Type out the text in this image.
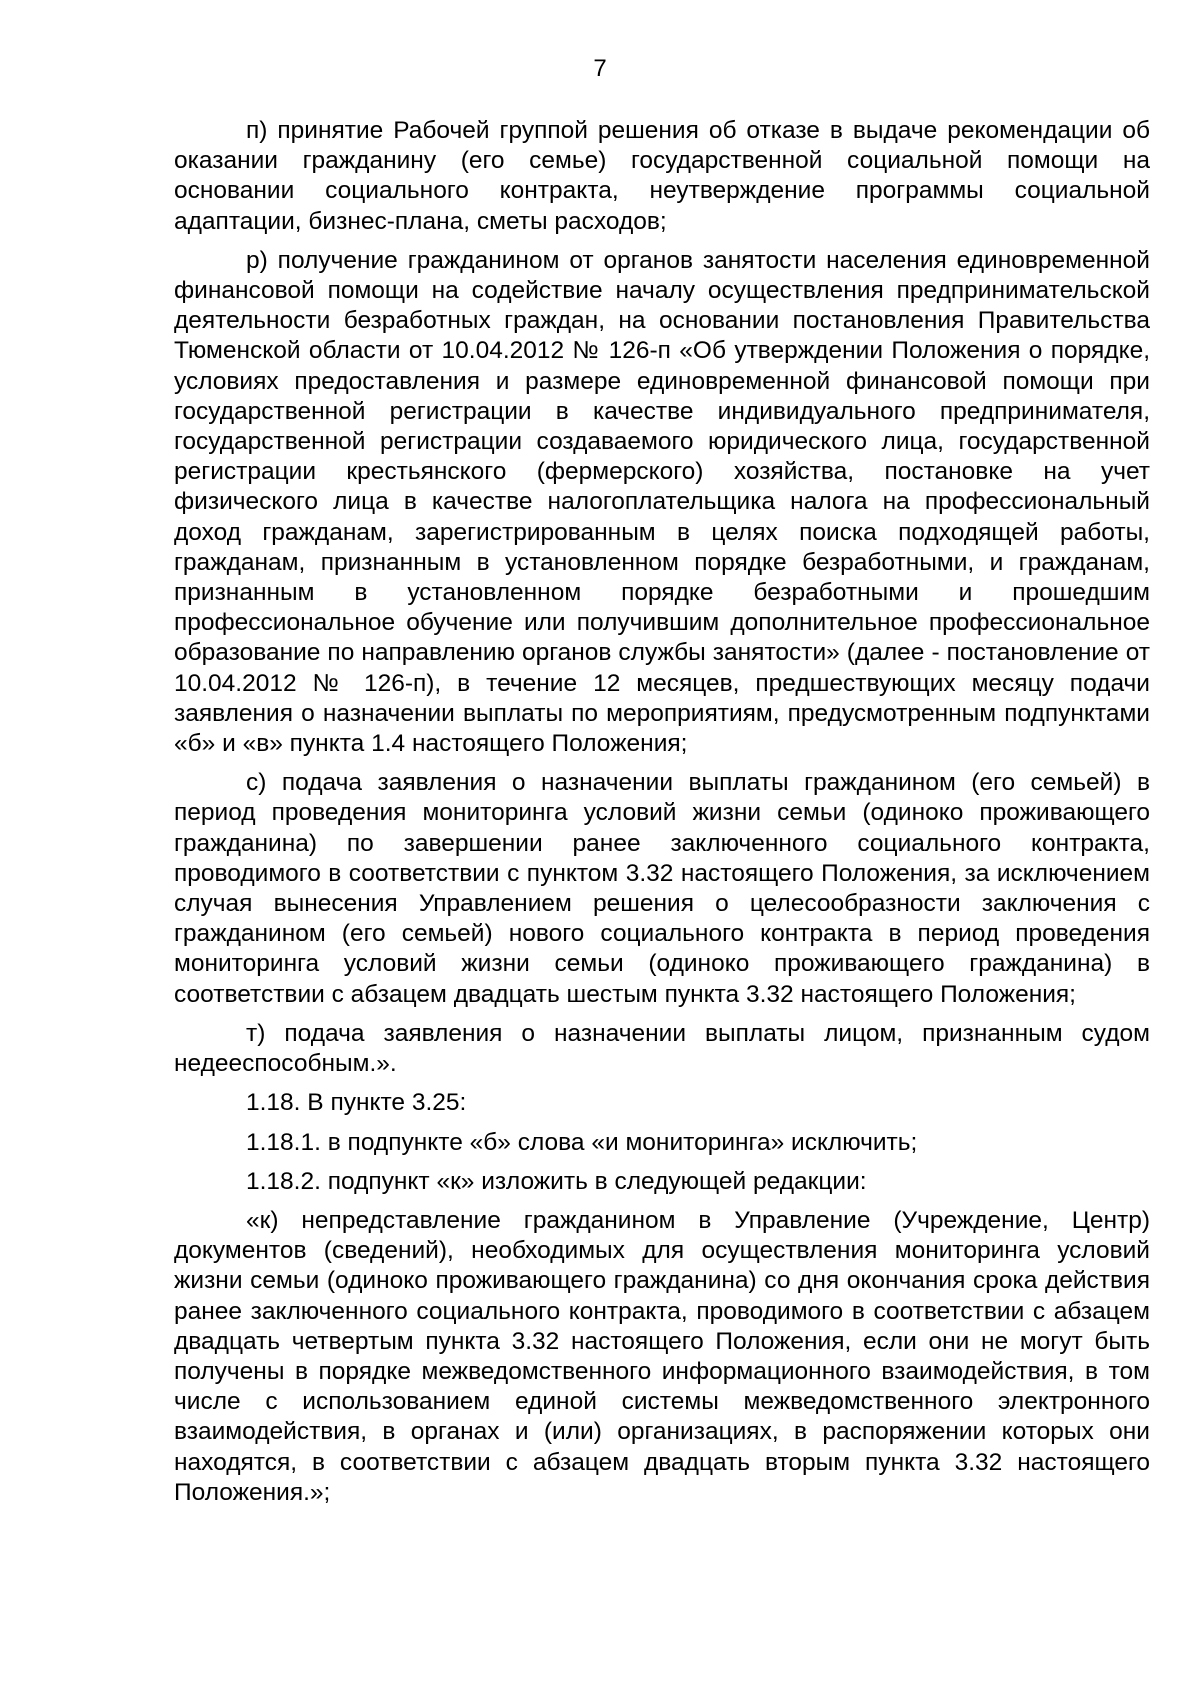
7

п) принятие Рабочей группой решения об отказе в выдаче рекомендации об оказании гражданину (его семье) государственной социальной помощи на основании социального контракта, неутверждение программы социальной адаптации, бизнес-плана, сметы расходов;

р) получение гражданином от органов занятости населения единовременной финансовой помощи на содействие началу осуществления предпринимательской деятельности безработных граждан, на основании постановления Правительства Тюменской области от 10.04.2012 № 126-п «Об утверждении Положения о порядке, условиях предоставления и размере единовременной финансовой помощи при государственной регистрации в качестве индивидуального предпринимателя, государственной регистрации создаваемого юридического лица, государственной регистрации крестьянского (фермерского) хозяйства, постановке на учет физического лица в качестве налогоплательщика налога на профессиональный доход гражданам, зарегистрированным в целях поиска подходящей работы, гражданам, признанным в установленном порядке безработными, и гражданам, признанным в установленном порядке безработными и прошедшим профессиональное обучение или получившим дополнительное профессиональное образование по направлению органов службы занятости» (далее - постановление от 10.04.2012 № 126-п), в течение 12 месяцев, предшествующих месяцу подачи заявления о назначении выплаты по мероприятиям, предусмотренным подпунктами «б» и «в» пункта 1.4 настоящего Положения;

с) подача заявления о назначении выплаты гражданином (его семьей) в период проведения мониторинга условий жизни семьи (одиноко проживающего гражданина) по завершении ранее заключенного социального контракта, проводимого в соответствии с пунктом 3.32 настоящего Положения, за исключением случая вынесения Управлением решения о целесообразности заключения с гражданином (его семьей) нового социального контракта в период проведения мониторинга условий жизни семьи (одиноко проживающего гражданина) в соответствии с абзацем двадцать шестым пункта 3.32 настоящего Положения;

т) подача заявления о назначении выплаты лицом, признанным судом недееспособным.».

1.18. В пункте 3.25:

1.18.1. в подпункте «б» слова «и мониторинга» исключить;

1.18.2. подпункт «к» изложить в следующей редакции:

«к) непредставление гражданином в Управление (Учреждение, Центр) документов (сведений), необходимых для осуществления мониторинга условий жизни семьи (одиноко проживающего гражданина) со дня окончания срока действия ранее заключенного социального контракта, проводимого в соответствии с абзацем двадцать четвертым пункта 3.32 настоящего Положения, если они не могут быть получены в порядке межведомственного информационного взаимодействия, в том числе с использованием единой системы межведомственного электронного взаимодействия, в органах и (или) организациях, в распоряжении которых они находятся, в соответствии с абзацем двадцать вторым пункта 3.32 настоящего Положения.»;
